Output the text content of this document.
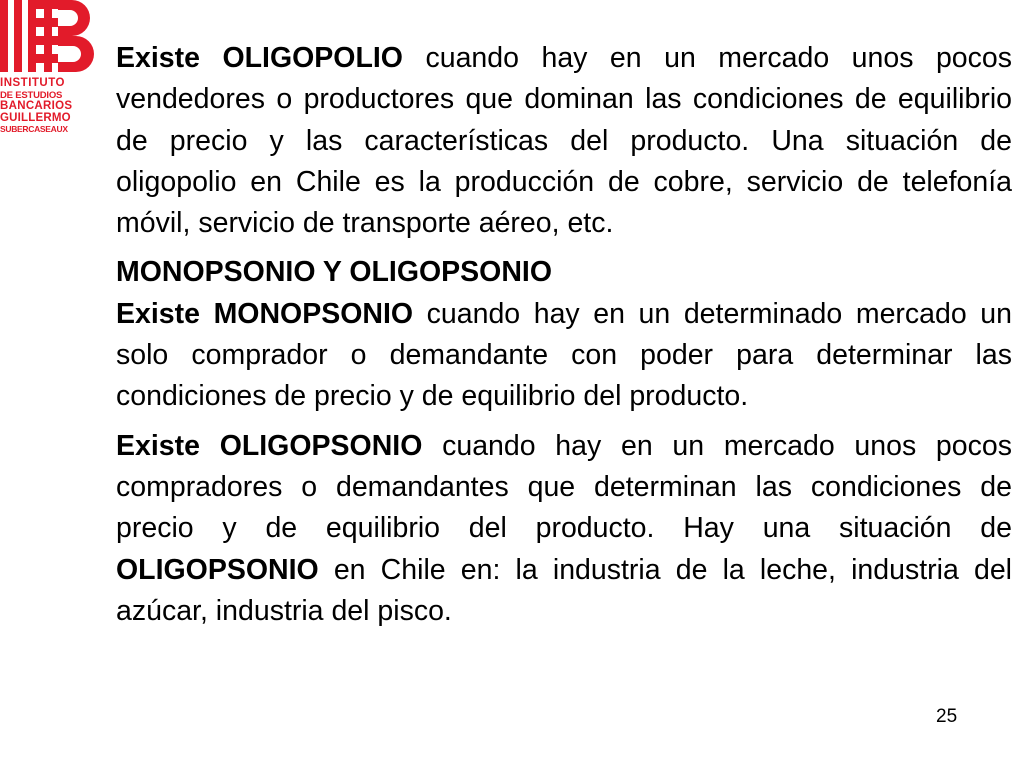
INSTITUTO
DE ESTUDIOS
BANCARIOS
GUILLERMO
SUBERCASEAUX

Existe OLIGOPOLIO cuando hay en un mercado unos pocos vendedores o productores que dominan las condiciones de equilibrio de precio y las características del producto. Una situación de oligopolio en Chile es la producción de cobre, servicio de telefonía móvil, servicio de transporte aéreo, etc.

MONOPSONIO Y OLIGOPSONIO

Existe MONOPSONIO cuando hay en un determinado mercado un solo comprador o demandante con poder para determinar las condiciones de precio y de equilibrio del producto.

Existe OLIGOPSONIO cuando hay en un mercado unos pocos compradores o demandantes que determinan las condiciones de precio y de equilibrio del producto. Hay una situación de OLIGOPSONIO en Chile en: la industria de la leche, industria del azúcar, industria del pisco.

25
